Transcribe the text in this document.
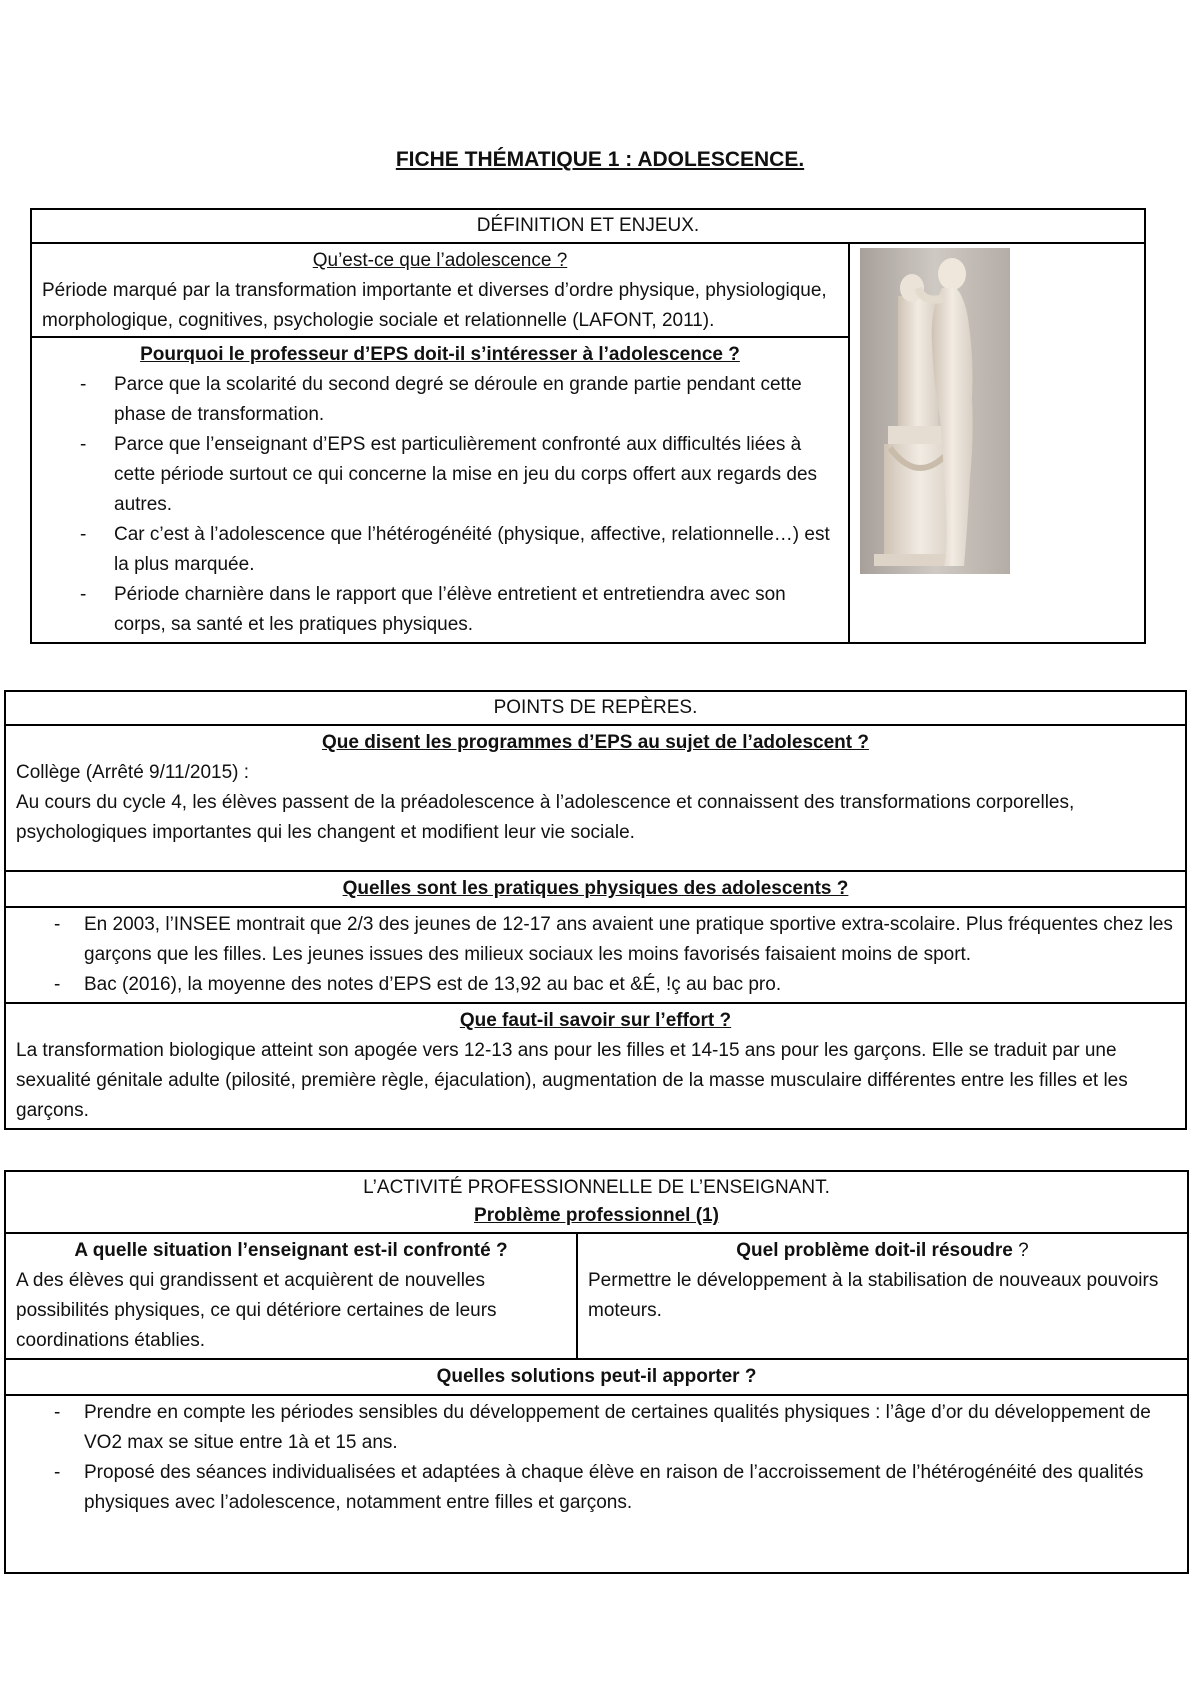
FICHE THÉMATIQUE 1 : ADOLESCENCE.
DÉFINITION ET ENJEUX.

Qu’est-ce que l’adolescence ?

Période marqué par la transformation importante et diverses d’ordre physique, physiologique, morphologique, cognitives, psychologie sociale et relationnelle (LAFONT, 2011).

Pourquoi le professeur d’EPS doit-il s’intéresser à l’adolescence ?
- Parce que la scolarité du second degré se déroule en grande partie pendant cette phase de transformation.
- Parce que l’enseignant d’EPS est particulièrement confronté aux difficultés liées à cette période surtout ce qui concerne la mise en jeu du corps offert aux regards des autres.
- Car c’est à l’adolescence que l’hétérogénéité (physique, affective, relationnelle…) est la plus marquée.
- Période charnière dans le rapport que l’élève entretient et entretiendra avec son corps, sa santé et les pratiques physiques.
POINTS DE REPÈRES.

Que disent les programmes d’EPS au sujet de l’adolescent ?

Collège (Arrêté 9/11/2015) :

Au cours du cycle 4, les élèves passent de la préadolescence à l’adolescence et connaissent des transformations corporelles, psychologiques importantes qui les changent et modifient leur vie sociale.

Quelles sont les pratiques physiques des adolescents ?

- En 2003, l’INSEE montrait que 2/3 des jeunes de 12-17 ans avaient une pratique sportive extra-scolaire. Plus fréquentes chez les garçons que les filles. Les jeunes issues des milieux sociaux les moins favorisés faisaient moins de sport.
- Bac (2016), la moyenne des notes d’EPS est de 13,92 au bac et &É, !ç au bac pro.

Que faut-il savoir sur l’effort ?

La transformation biologique atteint son apogée vers 12-13 ans pour les filles et 14-15 ans pour les garçons. Elle se traduit par une sexualité génitale adulte (pilosité, première règle, éjaculation), augmentation de la masse musculaire différentes entre les filles et les garçons.

L’ACTIVITÉ PROFESSIONNELLE DE L’ENSEIGNANT.
Problème professionnel (1)

A quelle situation l’enseignant est-il confronté ?

A des élèves qui grandissent et acquièrent de nouvelles possibilités physiques, ce qui détériore certaines de leurs coordinations établies.

Quel problème doit-il résoudre ?

Permettre le développement à la stabilisation de nouveaux pouvoirs moteurs.

Quelles solutions peut-il apporter ?

- Prendre en compte les périodes sensibles du développement de certaines qualités physiques : l’âge d’or du développement de VO2 max se situe entre 1à et 15 ans.
- Proposé des séances individualisées et adaptées à chaque élève en raison de l’accroissement de l’hétérogénéité des qualités physiques avec l’adolescence, notamment entre filles et garçons.
